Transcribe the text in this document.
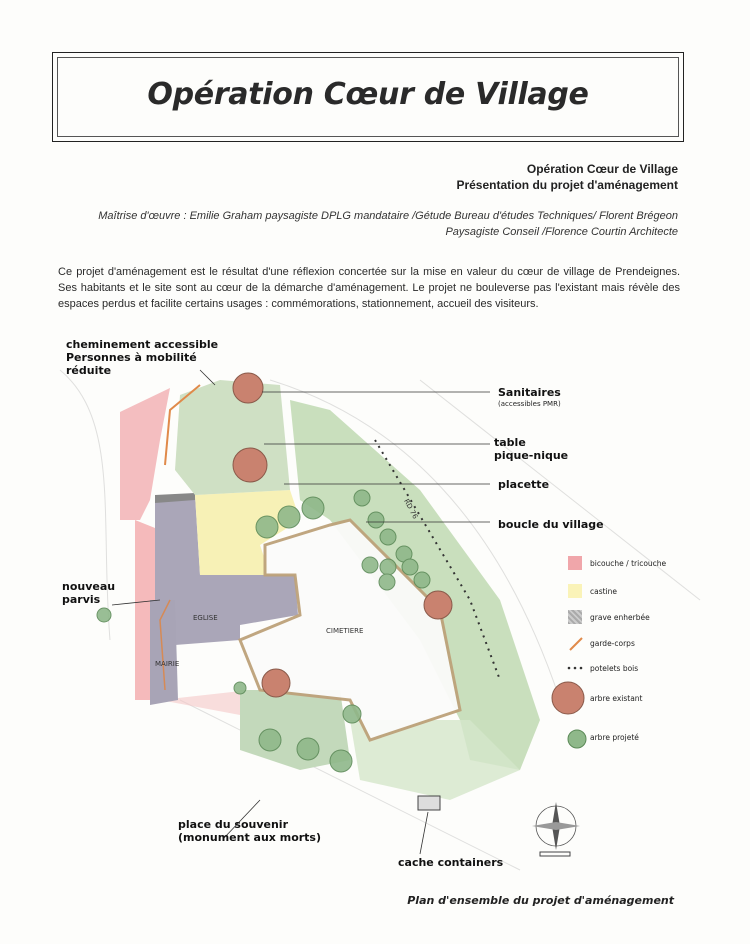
Opération Cœur de Village
Opération Cœur de Village
Présentation du projet d'aménagement
Maîtrise d'œuvre : Emilie Graham paysagiste DPLG mandataire /Gétude Bureau d'études Techniques/ Florent Brégeon
Paysagiste Conseil /Florence Courtin Architecte
Ce projet d'aménagement est le résultat d'une réflexion concertée sur la mise en valeur du cœur de village de Prendeignes. Ses habitants et le site sont au cœur de la démarche d'aménagement. Le projet ne bouleverse pas l'existant mais révèle des espaces perdus et facilite certains usages : commémorations, stationnement, accueil des visiteurs.
EGLISE
MAIRIE
CIMETIERE
RD 76
cheminement accessible
Personnes à mobilité
réduite
Sanitaires
(accessibles PMR)
table
pique-nique
placette
boucle du village
nouveau
parvis
place du souvenir
(monument aux morts)
cache containers
bicouche / tricouche
castine
grave enherbée
garde-corps
potelets bois
arbre existant
arbre projeté
Plan d'ensemble du projet d'aménagement
